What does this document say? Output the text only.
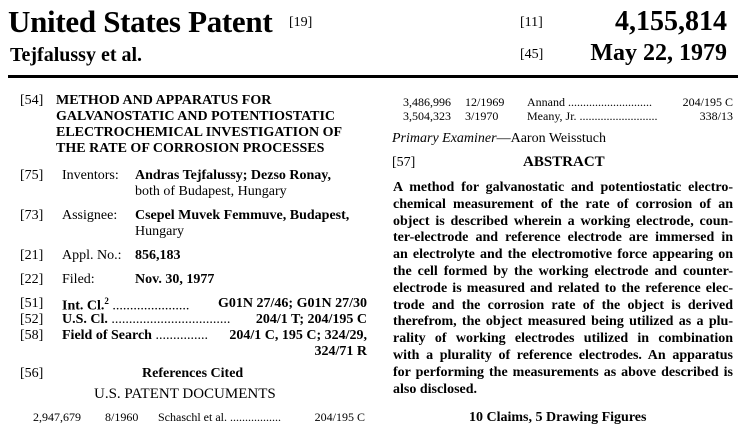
United States Patent [19]	[11]	4,155,814
Tejfalussy et al.	[45] May 22, 1979
[54] METHOD AND APPARATUS FOR
GALVANOSTATIC AND POTENTIOSTATIC
ELECTROCHEMICAL INVESTIGATION OF
THE RATE OF CORROSION PROCESSES
[75] Inventors: Andras Tejfalussy; Dezso Ronay,
both of Budapest, Hungary
[73] Assignee: Csepel Muvek Femmuve, Budapest,
Hungary
[21] Appl. No.: 856,183
[22] Filed:	Nov. 30, 1977
[51] Int. Cl.$^2$ ...................... G01N 27/46; G01N 27/30
[52] U.S. Cl. .................................. 204/1 T; 204/195 C
[58] Field of Search ............... 204/1 C, 195 C; 324/29,
324/71 R
[56]	References Cited
U.S. PATENT DOCUMENTS
2,947,679 8/1960 Schaschl et al. .................	204/195 C
3,486,996 12/1969 Annand ............................	204/195 C
3,504,323 3/1970 Meany, Jr. ..........................	338/13
Primary Examiner—Aaron Weisstuch
[57]	ABSTRACT
A method for galvanostatic and potentiostatic electro-
chemical measurement of the rate of corrosion of an
object is described wherein a working electrode, coun-
ter-electrode and reference electrode are immersed in
an electrolyte and the electromotive force appearing on
the cell formed by the working electrode and counter-
electrode is measured and related to the reference elec-
trode and the corrosion rate of the object is derived
therefrom, the object measured being utilized as a plu-
rality of working electrodes utilized in combination
with a plurality of reference electrodes. An apparatus
for performing the measurements as above described is
also disclosed.
10 Claims, 5 Drawing Figures
